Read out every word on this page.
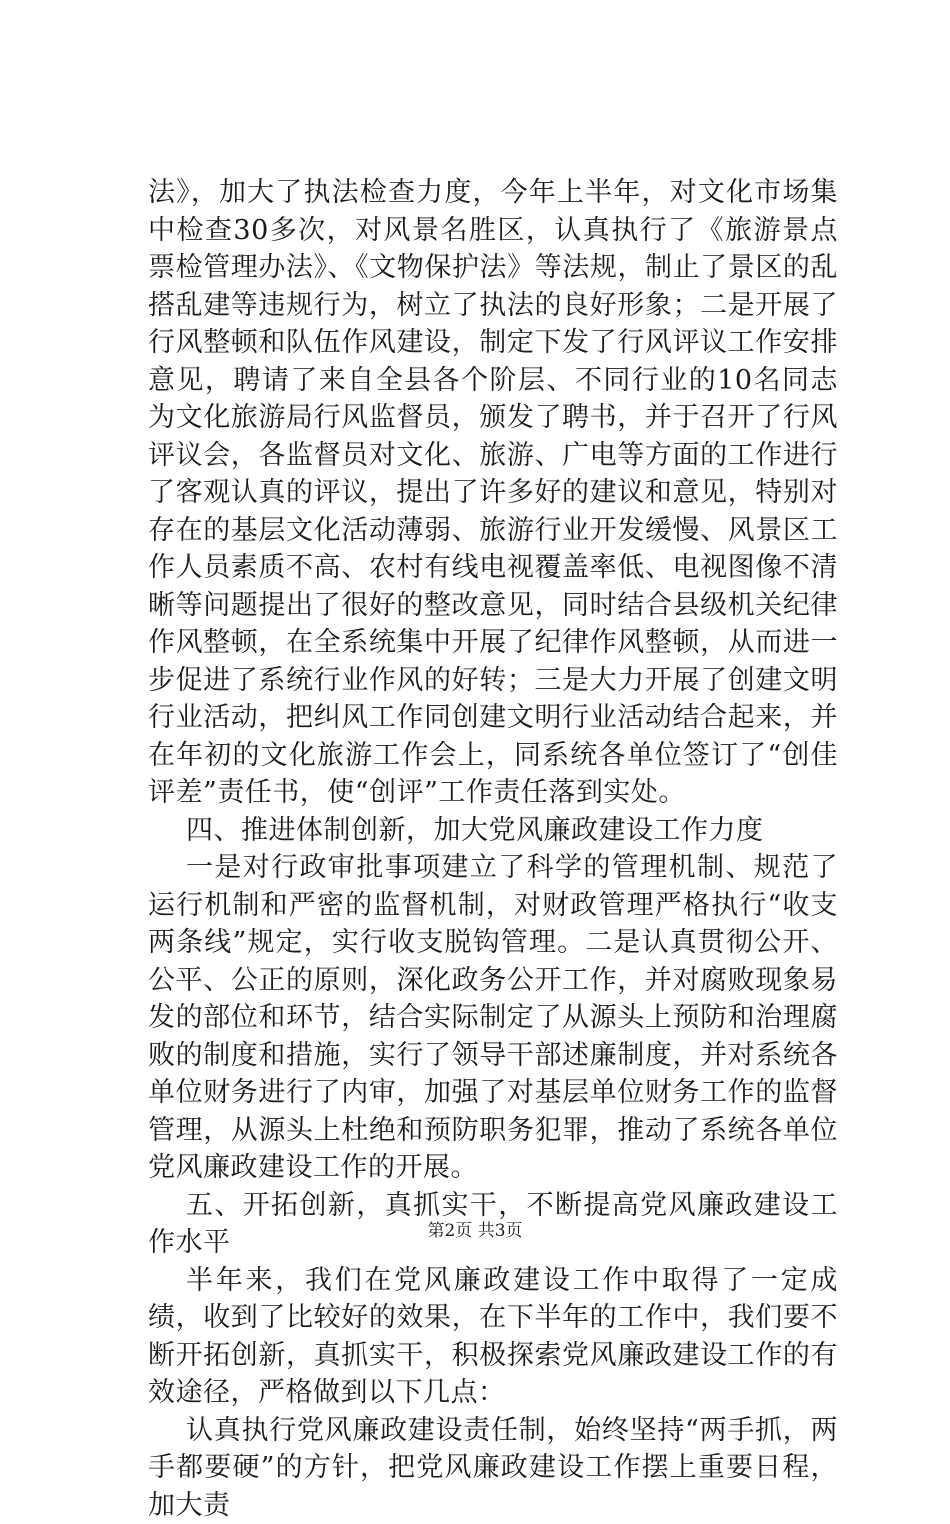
法》，加大了执法检查力度，今年上半年，对文化市场集中检查30多次，对风景名胜区，认真执行了《旅游景点票检管理办法》、《文物保护法》等法规，制止了景区的乱搭乱建等违规行为，树立了执法的良好形象；二是开展了行风整顿和队伍作风建设，制定下发了行风评议工作安排意见，聘请了来自全县各个阶层、不同行业的10名同志为文化旅游局行风监督员，颁发了聘书，并于召开了行风评议会，各监督员对文化、旅游、广电等方面的工作进行了客观认真的评议，提出了许多好的建议和意见，特别对存在的基层文化活动薄弱、旅游行业开发缓慢、风景区工作人员素质不高、农村有线电视覆盖率低、电视图像不清晰等问题提出了很好的整改意见，同时结合县级机关纪律作风整顿，在全系统集中开展了纪律作风整顿，从而进一步促进了系统行业作风的好转；三是大力开展了创建文明行业活动，把纠风工作同创建文明行业活动结合起来，并在年初的文化旅游工作会上，同系统各单位签订了“创佳评差”责任书，使“创评”工作责任落到实处。

四、推进体制创新，加大党风廉政建设工作力度

一是对行政审批事项建立了科学的管理机制、规范了运行机制和严密的监督机制，对财政管理严格执行“收支两条线”规定，实行收支脱钩管理。二是认真贯彻公开、公平、公正的原则，深化政务公开工作，并对腐败现象易发的部位和环节，结合实际制定了从源头上预防和治理腐败的制度和措施，实行了领导干部述廉制度，并对系统各单位财务进行了内审，加强了对基层单位财务工作的监督管理，从源头上杜绝和预防职务犯罪，推动了系统各单位党风廉政建设工作的开展。

五、开拓创新，真抓实干，不断提高党风廉政建设工作水平

半年来，我们在党风廉政建设工作中取得了一定成绩，收到了比较好的效果，在下半年的工作中，我们要不断开拓创新，真抓实干，积极探索党风廉政建设工作的有效途径，严格做到以下几点：

认真执行党风廉政建设责任制，始终坚持“两手抓，两手都要硬”的方针，把党风廉政建设工作摆上重要日程，加大责

第2页 共3页
